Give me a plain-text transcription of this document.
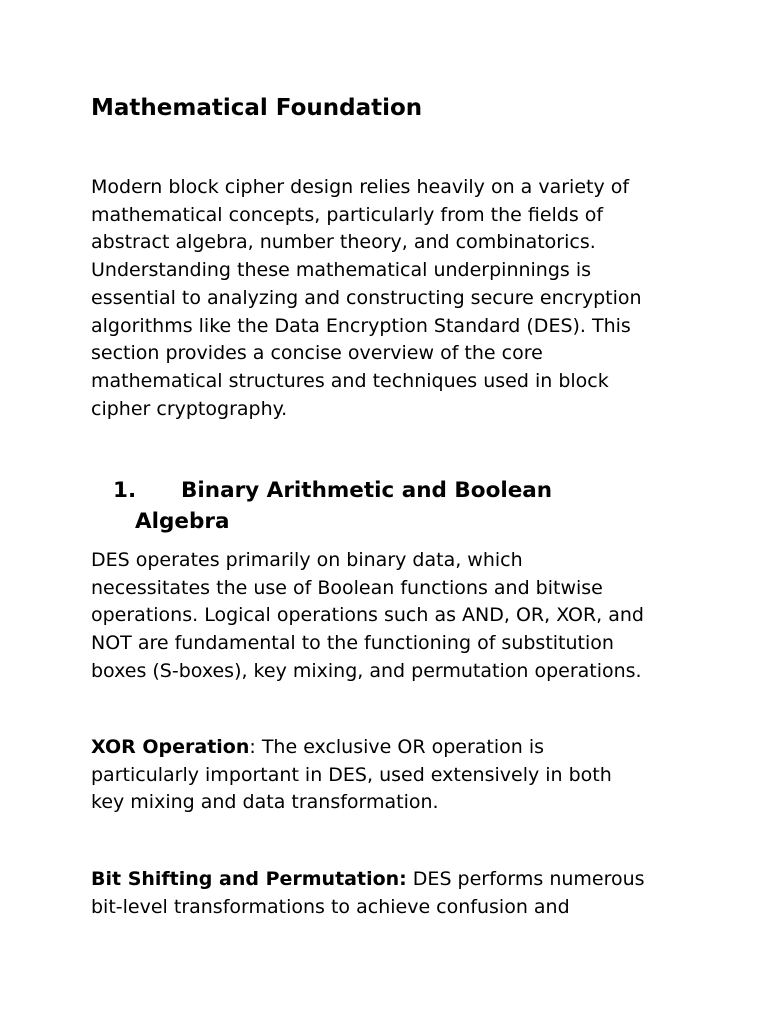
Mathematical Foundation

Modern block cipher design relies heavily on a variety of
mathematical concepts, particularly from the fields of
abstract algebra, number theory, and combinatorics.
Understanding these mathematical underpinnings is
essential to analyzing and constructing secure encryption
algorithms like the Data Encryption Standard (DES). This
section provides a concise overview of the core
mathematical structures and techniques used in block
cipher cryptography.

1. Binary Arithmetic and Boolean
Algebra

DES operates primarily on binary data, which
necessitates the use of Boolean functions and bitwise
operations. Logical operations such as AND, OR, XOR, and
NOT are fundamental to the functioning of substitution
boxes (S-boxes), key mixing, and permutation operations.

XOR Operation: The exclusive OR operation is
particularly important in DES, used extensively in both
key mixing and data transformation.

Bit Shifting and Permutation: DES performs numerous
bit-level transformations to achieve confusion and
